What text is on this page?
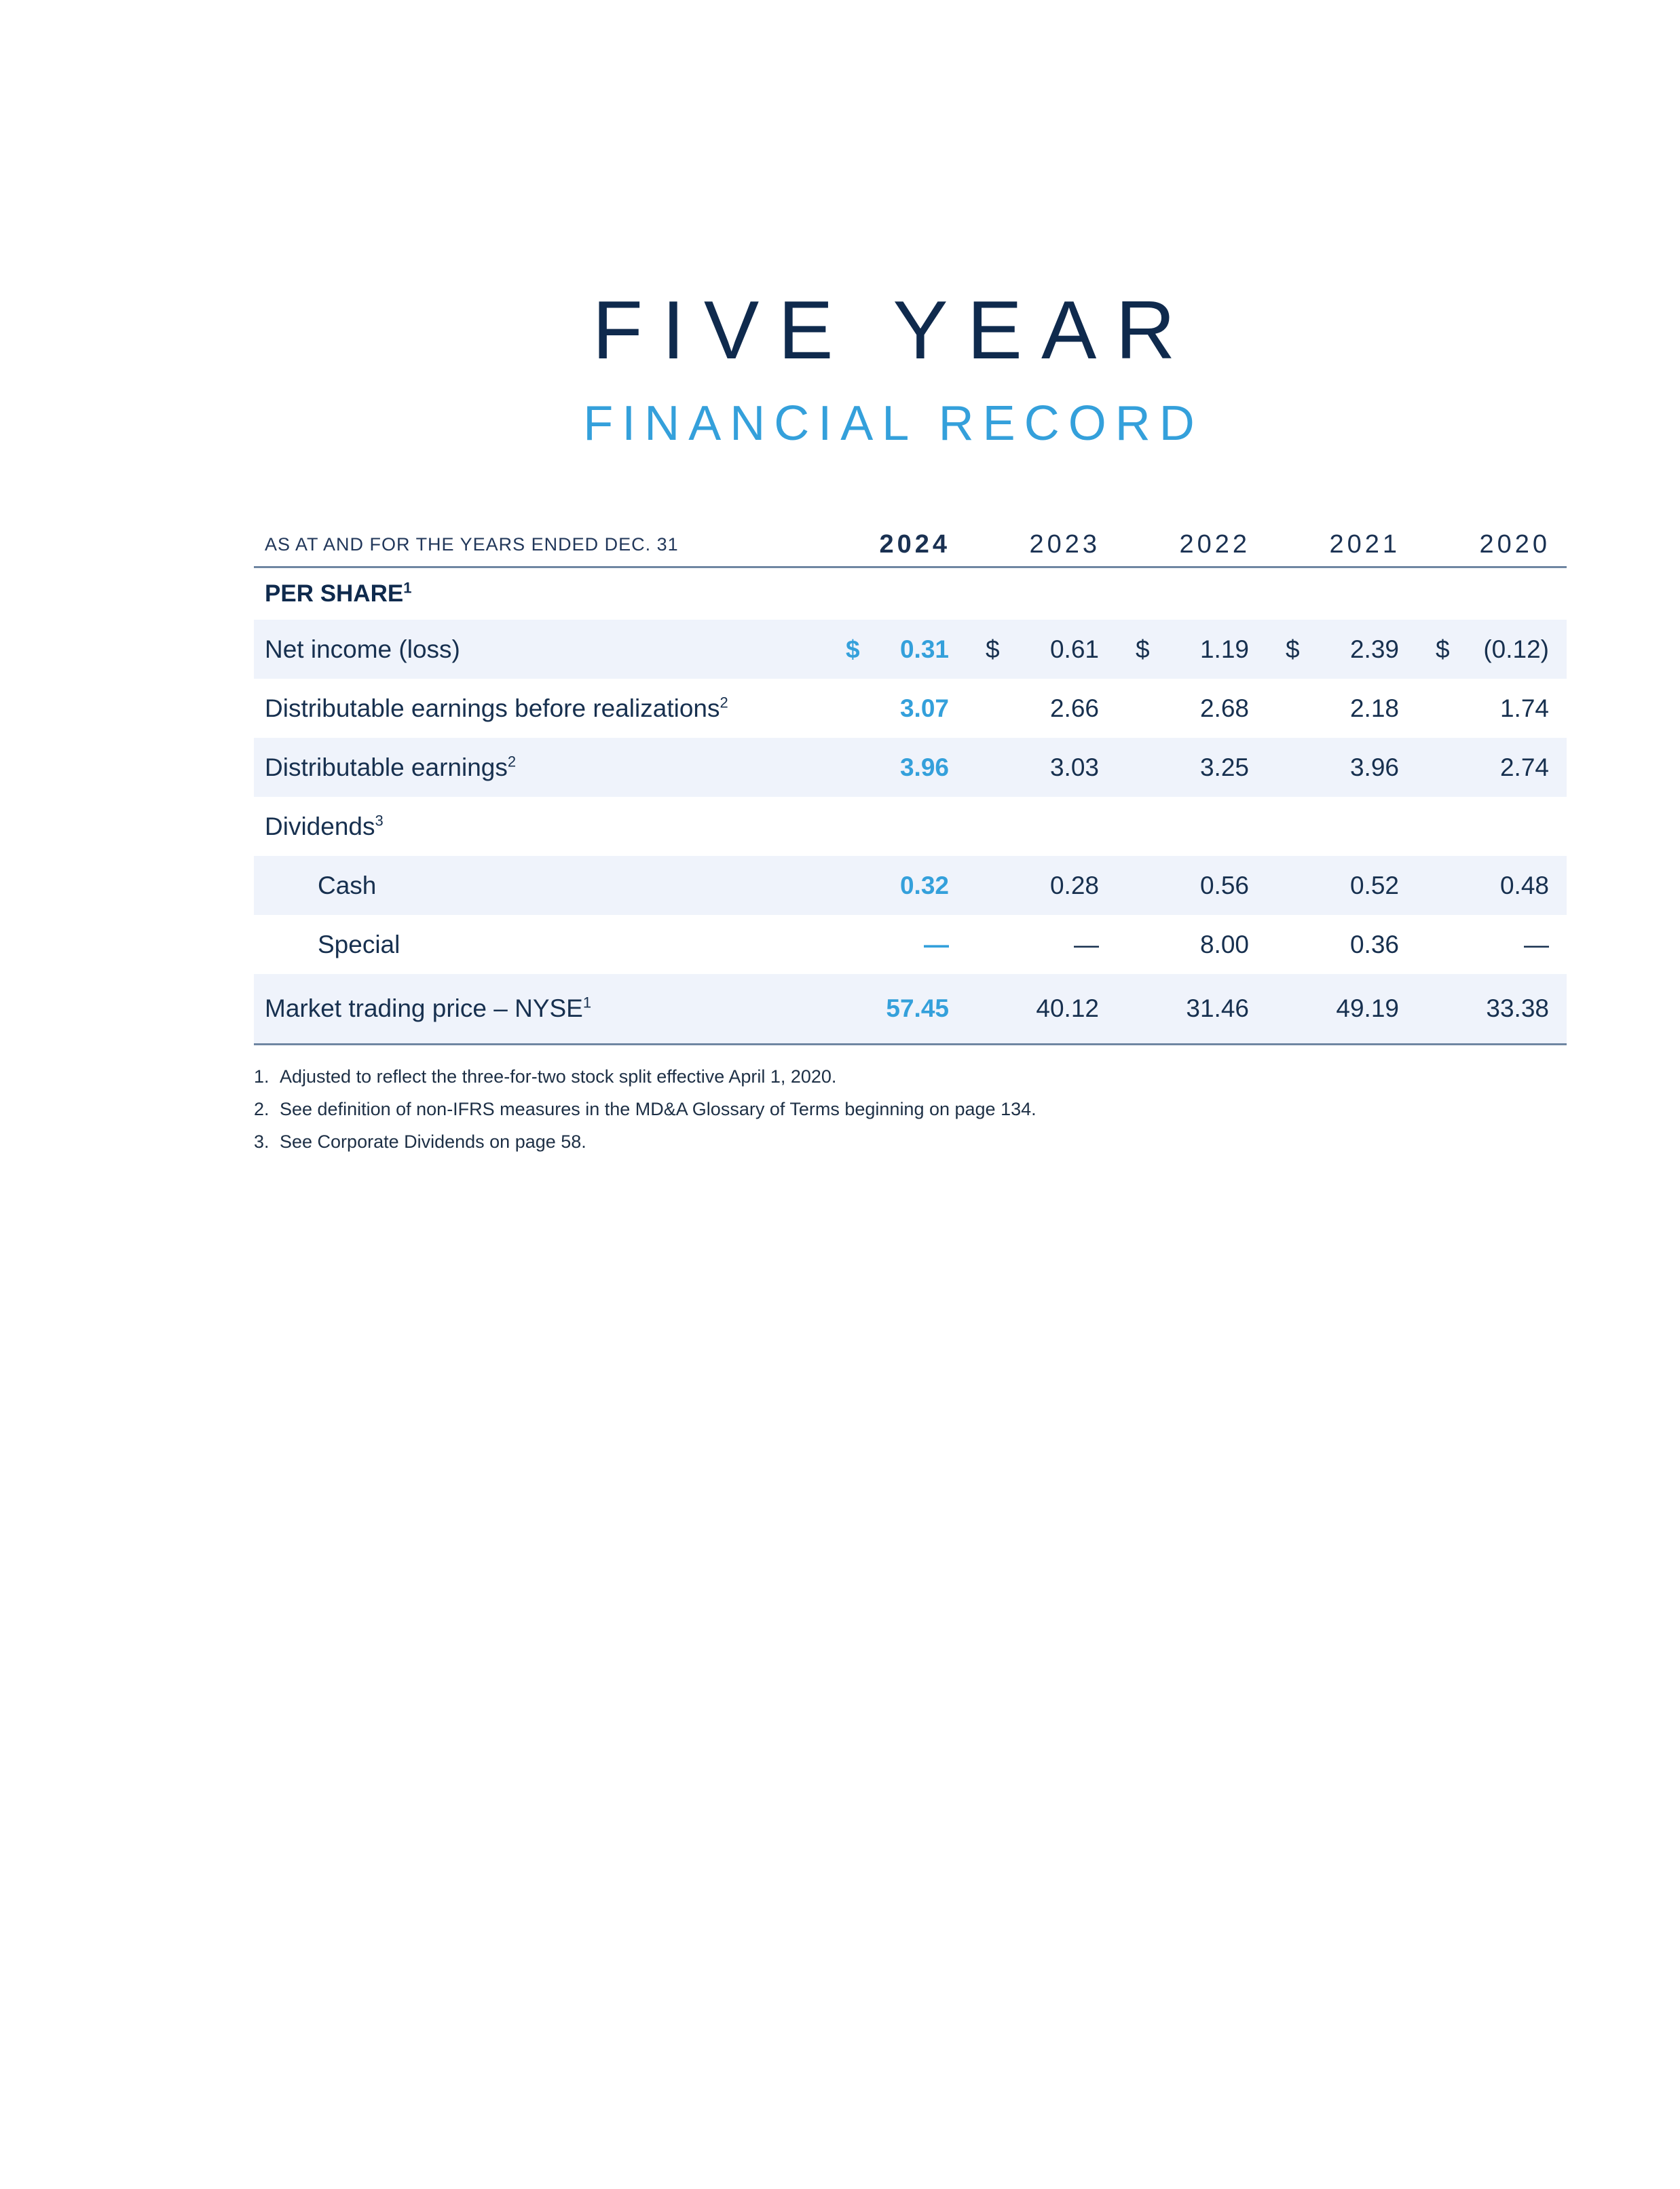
FIVE YEAR
FINANCIAL RECORD
AS AT AND FOR THE YEARS ENDED DEC. 31	2024	2023	2022	2021	2020
PER SHARE$^1$
Net income (loss)	$ 0.31	$ 0.61	$ 1.19	$ 2.39	$ (0.12)
Distributable earnings before realizations$^2$	3.07	2.66	2.68	2.18	1.74
Distributable earnings$^2$	3.96	3.03	3.25	3.96	2.74
Dividends$^3$
Cash	0.32	0.28	0.56	0.52	0.48
Special	—	—	8.00	0.36	—
Market trading price – NYSE$^1$	57.45	40.12	31.46	49.19	33.38
1. Adjusted to reflect the three-for-two stock split effective April 1, 2020.
2. See definition of non-IFRS measures in the MD&A Glossary of Terms beginning on page 134.
3. See Corporate Dividends on page 58.
